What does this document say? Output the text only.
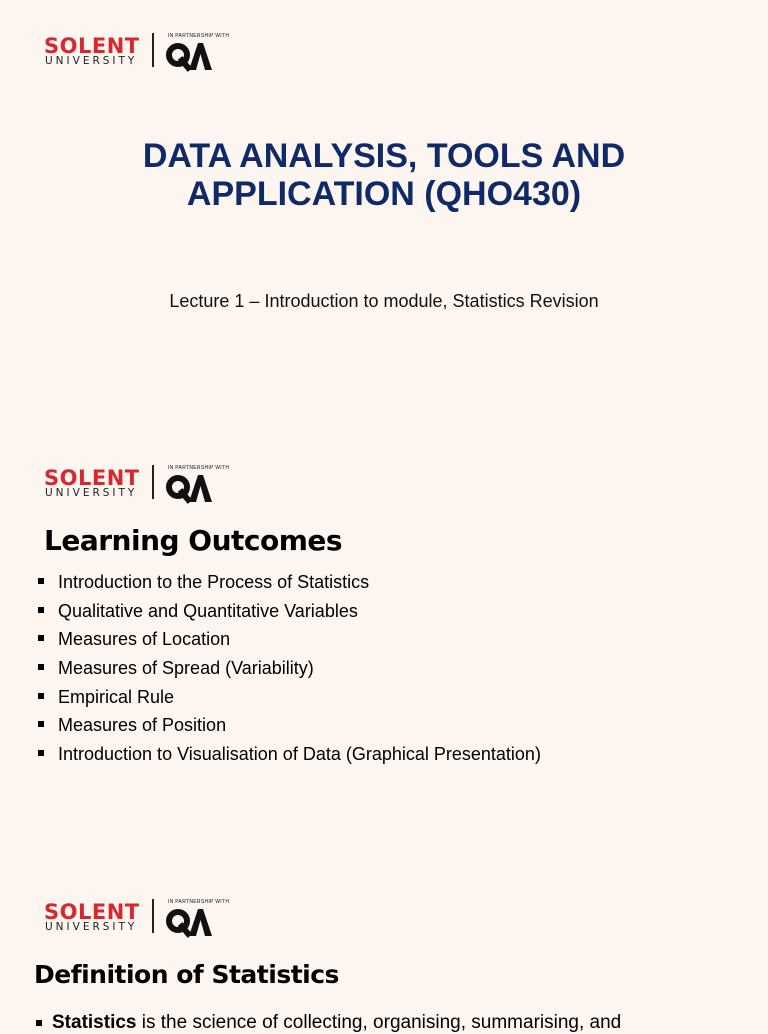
SOLENT
UNIVERSITY
IN PARTNERSHIP WITH
DATA ANALYSIS, TOOLS AND
APPLICATION (QHO430)
Lecture 1 – Introduction to module, Statistics Revision
SOLENT
UNIVERSITY
IN PARTNERSHIP WITH
Learning Outcomes
Introduction to the Process of Statistics
Qualitative and Quantitative Variables
Measures of Location
Measures of Spread (Variability)
Empirical Rule
Measures of Position
Introduction to Visualisation of Data (Graphical Presentation)
SOLENT
UNIVERSITY
IN PARTNERSHIP WITH
Definition of Statistics
Statistics is the science of collecting, organising, summarising, and
